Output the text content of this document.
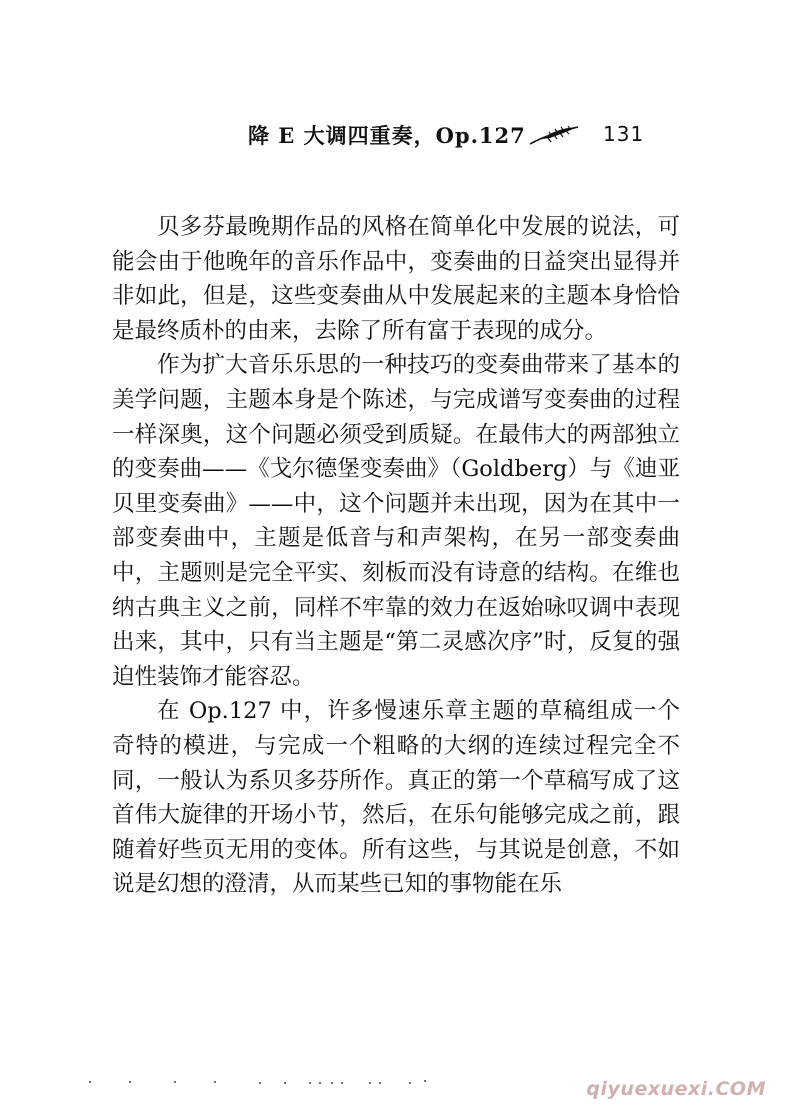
降 E 大调四重奏，Op.127	131

贝多芬最晚期作品的风格在简单化中发展的说法，可能会由于他晚年的音乐作品中，变奏曲的日益突出显得并非如此，但是，这些变奏曲从中发展起来的主题本身恰恰是最终质朴的由来，去除了所有富于表现的成分。

作为扩大音乐乐思的一种技巧的变奏曲带来了基本的美学问题，主题本身是个陈述，与完成谱写变奏曲的过程一样深奥，这个问题必须受到质疑。在最伟大的两部独立的变奏曲——《戈尔德堡变奏曲》（Goldberg）与《迪亚贝里变奏曲》——中，这个问题并未出现，因为在其中一部变奏曲中，主题是低音与和声架构，在另一部变奏曲中，主题则是完全平实、刻板而没有诗意的结构。在维也纳古典主义之前，同样不牢靠的效力在返始咏叹调中表现出来，其中，只有当主题是“第二灵感次序”时，反复的强迫性装饰才能容忍。

在 Op.127 中，许多慢速乐章主题的草稿组成一个奇特的模进，与完成一个粗略的大纲的连续过程完全不同，一般认为系贝多芬所作。真正的第一个草稿写成了这首伟大旋律的开场小节，然后，在乐句能够完成之前，跟随着好些页无用的变体。所有这些，与其说是创意，不如说是幻想的澄清，从而某些已知的事物能在乐

qiyuexuexi.COM
